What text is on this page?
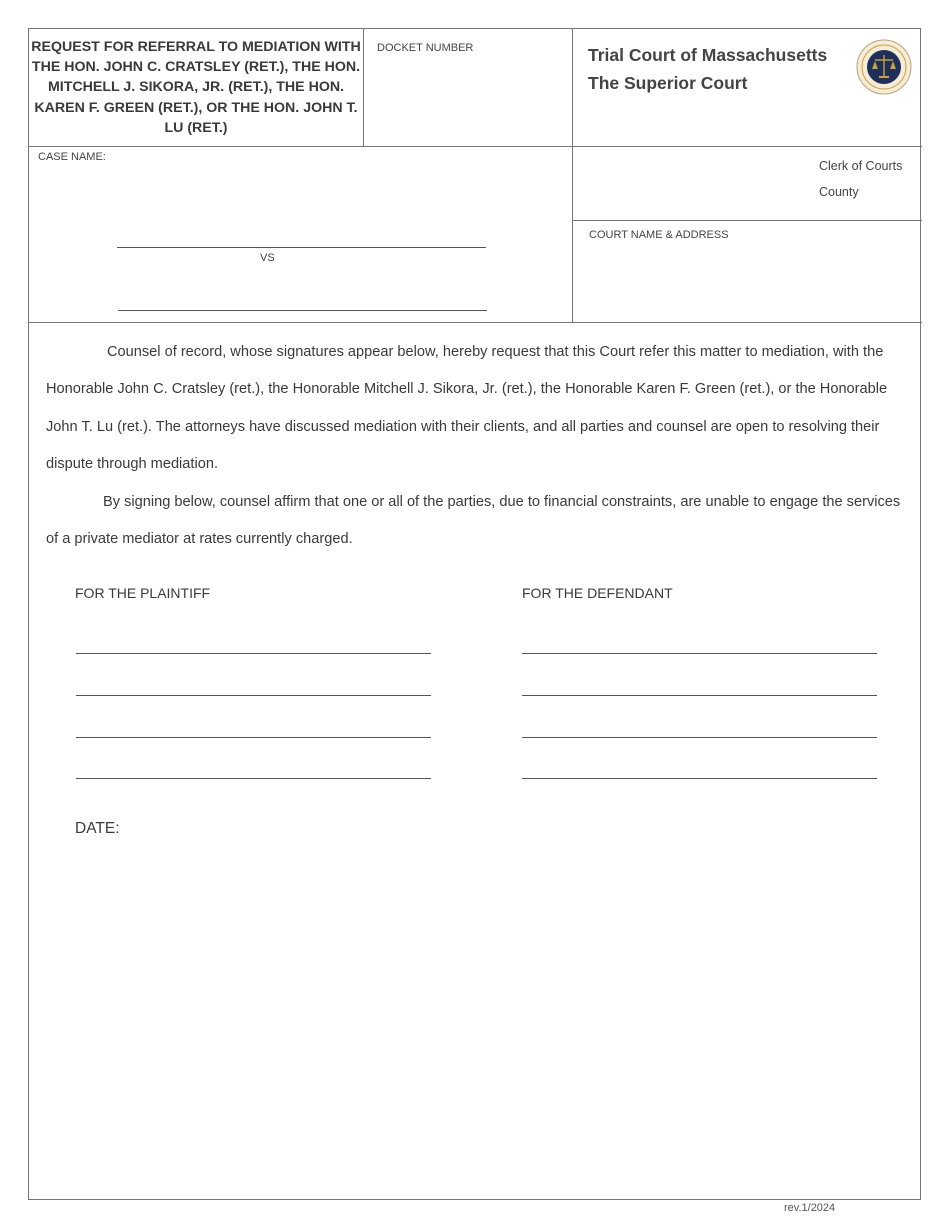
REQUEST FOR REFERRAL TO MEDIATION WITH THE HON. JOHN C. CRATSLEY (RET.), THE HON. MITCHELL J. SIKORA, JR. (RET.), THE HON. KAREN F. GREEN (RET.), OR THE HON. JOHN T. LU (RET.)
DOCKET NUMBER	Trial Court of Massachusetts
The Superior Court
CASE NAME:
VS
Clerk of Courts
County
COURT NAME & ADDRESS

Counsel of record, whose signatures appear below, hereby request that this Court refer this matter to mediation, with the Honorable John C. Cratsley (ret.), the Honorable Mitchell J. Sikora, Jr. (ret.), the Honorable Karen F. Green (ret.), or the Honorable John T. Lu (ret.). The attorneys have discussed mediation with their clients, and all parties and counsel are open to resolving their dispute through mediation.

By signing below, counsel affirm that one or all of the parties, due to financial constraints, are unable to engage the services of a private mediator at rates currently charged.

FOR THE PLAINTIFF	FOR THE DEFENDANT
DATE:
rev.1/2024
